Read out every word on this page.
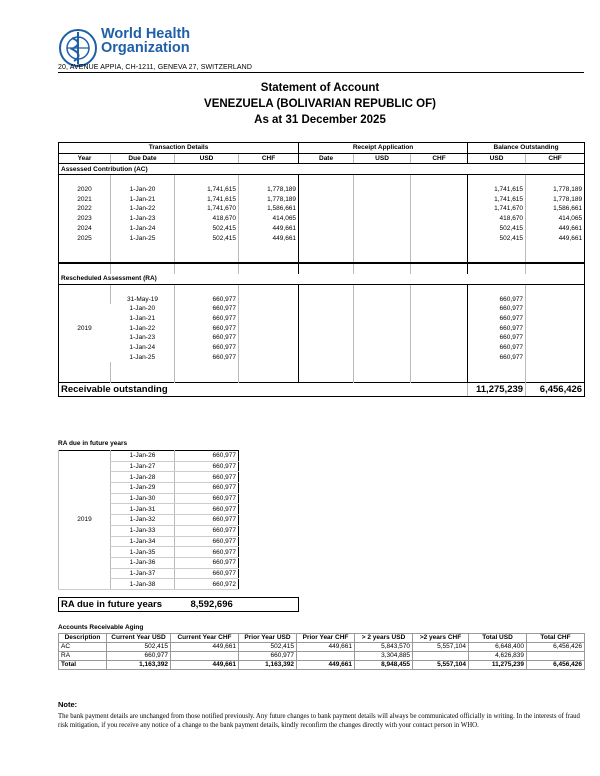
World Health
Organization
20, AVENUE APPIA, CH-1211, GENEVA 27, SWITZERLAND
Statement of Account
VENEZUELA (BOLIVARIAN REPUBLIC OF)
As at 31 December 2025
Transaction Details				Receipt Application			Balance Outstanding	
Year	Due Date	USD	CHF	Date	USD	CHF	USD	CHF
Assessed Contribution (AC)								

2020	1-Jan-20	1,741,615	1,778,189				1,741,615	1,778,189
2021	1-Jan-21	1,741,615	1,778,189				1,741,615	1,778,189
2022	1-Jan-22	1,741,670	1,586,661				1,741,670	1,586,661
2023	1-Jan-23	418,670	414,065				418,670	414,065
2024	1-Jan-24	502,415	449,661				502,415	449,661
2025	1-Jan-25	502,415	449,661				502,415	449,661

Rescheduled Assessment (RA)								

2019	31-May-19	660,977					660,977	
	1-Jan-20	660,977					660,977	
	1-Jan-21	660,977					660,977	
	1-Jan-22	660,977					660,977	
	1-Jan-23	660,977					660,977	
	1-Jan-24	660,977					660,977	
	1-Jan-25	660,977					660,977	

Receivable outstanding							11,275,239	6,456,426
RA due in future years
2019	1-Jan-26	660,977
	1-Jan-27	660,977
	1-Jan-28	660,977
	1-Jan-29	660,977
	1-Jan-30	660,977
	1-Jan-31	660,977
	1-Jan-32	660,977
	1-Jan-33	660,977
	1-Jan-34	660,977
	1-Jan-35	660,977
	1-Jan-36	660,977
	1-Jan-37	660,977
	1-Jan-38	660,972
RA due in future years	8,592,696
Accounts Receivable Aging
Description	Current Year USD	Current Year CHF	Prior Year USD	Prior Year CHF	> 2 years USD	>2 years CHF	Total USD	Total CHF
AC	502,415	449,661	502,415	449,661	5,843,570	5,557,104	6,648,400	6,456,426
RA	660,977		660,977		3,304,885		4,626,839	
Total	1,163,392	449,661	1,163,392	449,661	8,948,455	5,557,104	11,275,239	6,456,426
Note:
The bank payment details are unchanged from those notified previously. Any future changes to bank payment details will always be communicated officially in writing. In the interests of fraud risk mitigation, if you receive any notice of a change to the bank payment details, kindly reconfirm the changes directly with your contact person in WHO.
